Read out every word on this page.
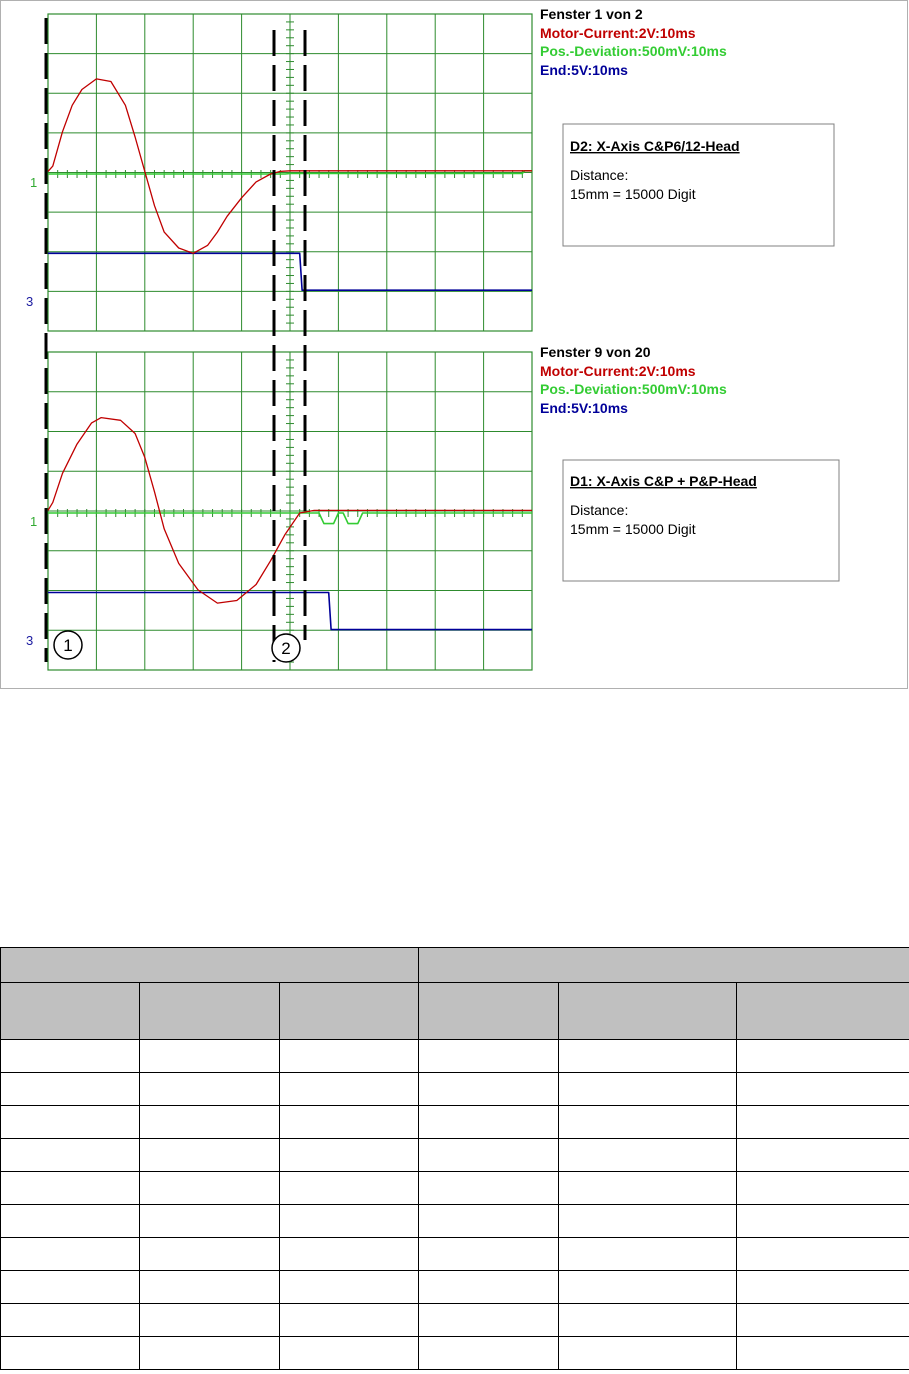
1
3
Fenster 1 von 2
Motor-Current:2V:10ms
Pos.-Deviation:500mV:10ms
End:5V:10ms
D2: X-Axis C&P6/12-Head
Distance:
15mm = 15000 Digit
1
3
Fenster 9 von 20
Motor-Current:2V:10ms
Pos.-Deviation:500mV:10ms
End:5V:10ms
D1: X-Axis C&P + P&P-Head
Distance:
15mm = 15000 Digit
1	2
